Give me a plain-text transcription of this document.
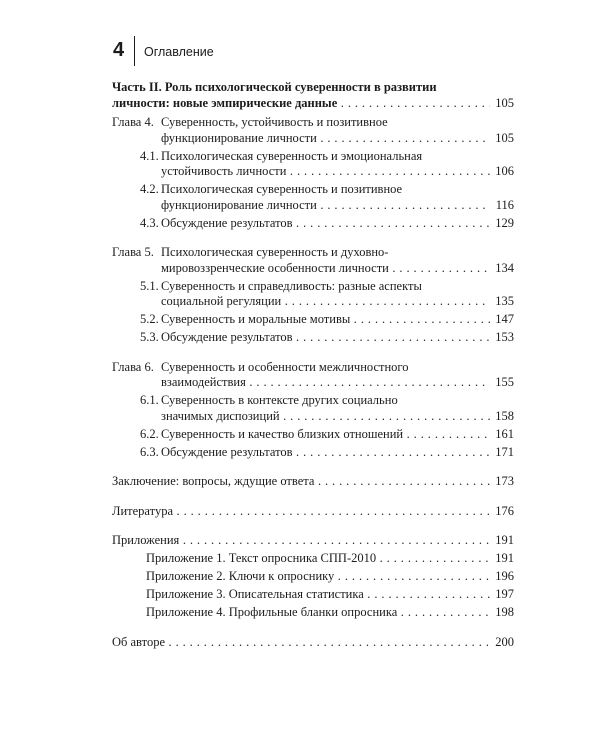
4 Оглавление
Часть II. Роль психологической суверенности в развитии
личности: новые эмпирические данные . . .	105
Глава 4. Суверенность, устойчивость и позитивное
функционирование личности . . .	105
4.1. Психологическая суверенность и эмоциональная
устойчивость личности . . .	106
4.2. Психологическая суверенность и позитивное
функционирование личности . . .	116
4.3. Обсуждение результатов . . .	129
Глава 5. Психологическая суверенность и духовно-
мировоззренческие особенности личности . . .	134
5.1. Суверенность и справедливость: разные аспекты
социальной регуляции . . .	135
5.2. Суверенность и моральные мотивы . . .	147
5.3. Обсуждение результатов . . .	153
Глава 6. Суверенность и особенности межличностного
взаимодействия . . .	155
6.1. Суверенность в контексте других социально
значимых диспозиций . . .	158
6.2. Суверенность и качество близких отношений . . .	161
6.3. Обсуждение результатов . . .	171
Заключение: вопросы, ждущие ответа . . .	173
Литература . . .	176
Приложения . . .	191
Приложение 1. Текст опросника СПП-2010 . . .	191
Приложение 2. Ключи к опроснику . . .	196
Приложение 3. Описательная статистика . . .	197
Приложение 4. Профильные бланки опросника . . .	198
Об авторе . . .	200
